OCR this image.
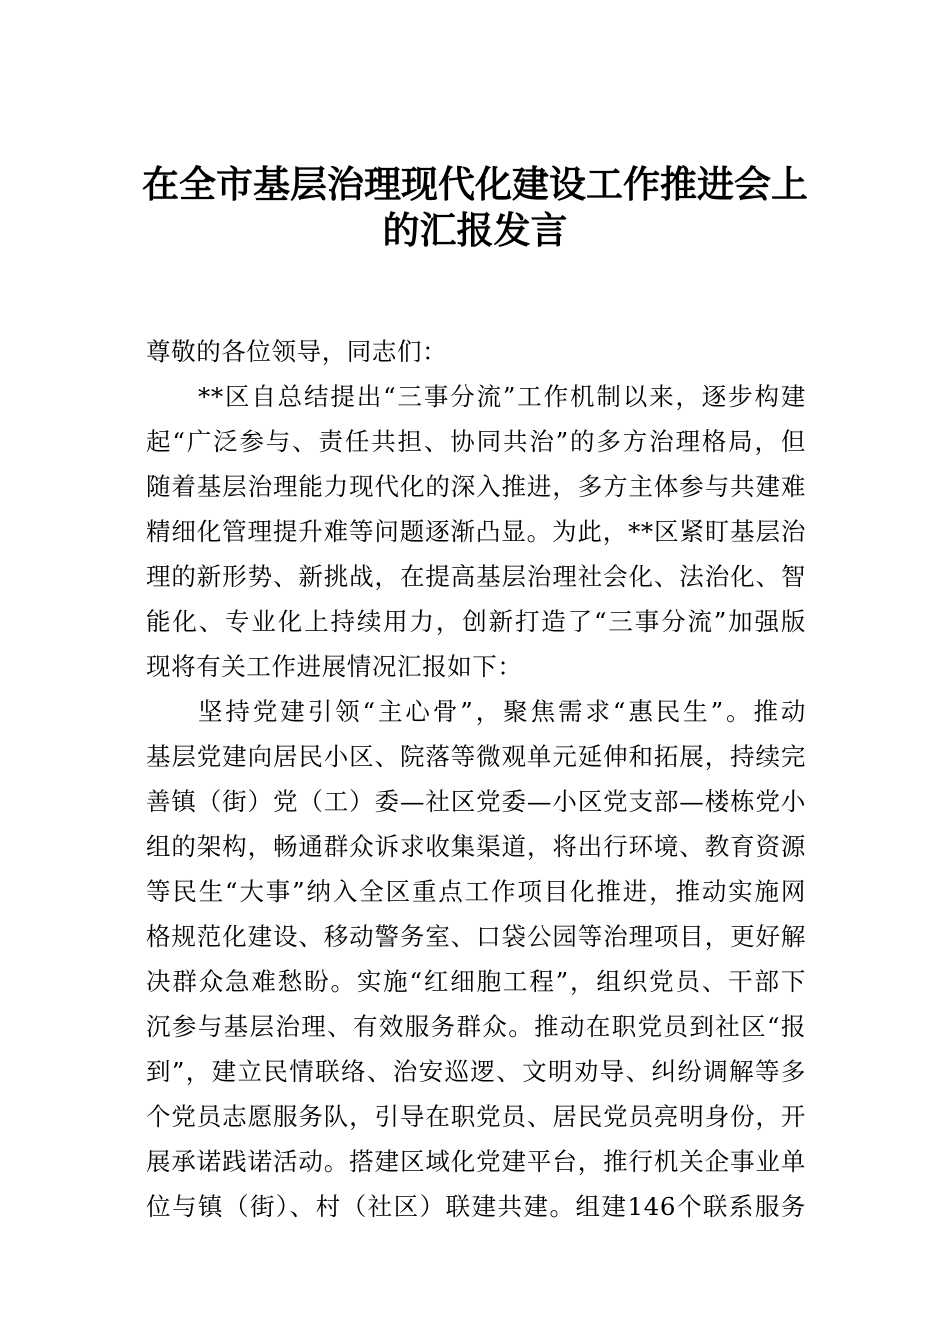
在全市基层治理现代化建设工作推进会上
的汇报发言
尊敬的各位领导，同志们：
**区自总结提出“三事分流”工作机制以来，逐步构建
起“广泛参与、责任共担、协同共治”的多方治理格局，但
随着基层治理能力现代化的深入推进，多方主体参与共建难
精细化管理提升难等问题逐渐凸显。为此，**区紧盯基层治
理的新形势、新挑战，在提高基层治理社会化、法治化、智
能化、专业化上持续用力，创新打造了“三事分流”加强版
现将有关工作进展情况汇报如下：
坚持党建引领“主心骨”，聚焦需求“惠民生”。推动
基层党建向居民小区、院落等微观单元延伸和拓展，持续完
善镇（街）党（工）委—社区党委—小区党支部—楼栋党小
组的架构，畅通群众诉求收集渠道，将出行环境、教育资源
等民生“大事”纳入全区重点工作项目化推进，推动实施网
格规范化建设、移动警务室、口袋公园等治理项目，更好解
决群众急难愁盼。实施“红细胞工程”，组织党员、干部下
沉参与基层治理、有效服务群众。推动在职党员到社区“报
到”，建立民情联络、治安巡逻、文明劝导、纠纷调解等多
个党员志愿服务队，引导在职党员、居民党员亮明身份，开
展承诺践诺活动。搭建区域化党建平台，推行机关企事业单
位与镇（街）、村（社区）联建共建。组建146个联系服务
